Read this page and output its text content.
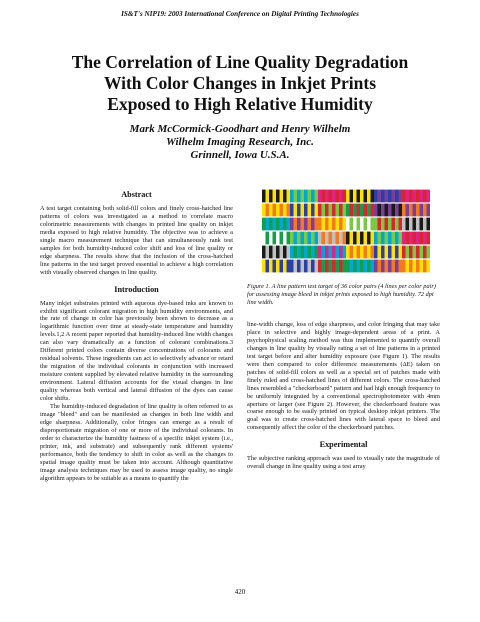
IS&T's NIP19: 2003 International Conference on Digital Printing Technologies
The Correlation of Line Quality Degradation
With Color Changes in Inkjet Prints
Exposed to High Relative Humidity
Mark McCormick-Goodhart and Henry Wilhelm
Wilhelm Imaging Research, Inc.
Grinnell, Iowa U.S.A.
Abstract

A test target containing both solid-fill colors and finely cross-hatched line patterns of colors was investigated as a method to correlate macro colorimetric measurements with changes in printed line quality on inkjet media exposed to high relative humidity. The objective was to achieve a single macro measurement technique that can simultaneously rank test samples for both humidity-induced color shift and loss of line quality or edge sharpness. The results show that the inclusion of the cross-hatched line patterns in the test target proved essential to achieve a high correlation with visually observed changes in line quality.

Introduction

Many inkjet substrates printed with aqueous dye-based inks are known to exhibit significant colorant migration in high humidity environments, and the rate of change in color has previously been shown to decrease as a logarithmic function over time at steady-state temperature and humidity levels.1,2 A recent paper reported that humidity-induced line width changes can also vary dramatically as a function of colorant combinations.3 Different printed colors contain diverse concentrations of colorants and residual solvents. These ingredients can act to selectively advance or retard the migration of the individual colorants in conjunction with increased moisture content supplied by elevated relative humidity in the surrounding environment. Lateral diffusion accounts for the visual changes in line quality whereas both vertical and lateral diffusion of the dyes can cause color shifts.

The humidity-induced degradation of line quality is often referred to as image "bleed" and can be manifested as changes in both line width and edge sharpness. Additionally, color fringes can emerge as a result of disproportionate migration of one or more of the individual colorants. In order to characterize the humidity fastness of a specific inkjet system (i.e., printer, ink, and substrate) and subsequently rank different systems' performance, both the tendency to shift in color as well as the changes to spatial image quality must be taken into account. Although quantitative image analysis techniques may be used to assess image quality, no single algorithm appears to be suitable as a means to quantify the

Figure 1. A line pattern test target of 36 color pairs (4 lines per color pair) for assessing image bleed in inkjet prints exposed to high humidity. 72 dpi line width.

line-width change, loss of edge sharpness, and color fringing that may take place in selective and highly image-dependent areas of a print. A psychophysical scaling method was thus implemented to quantify overall changes in line quality by visually rating a set of line patterns in a printed test target before and after humidity exposure (see Figure 1). The results were then compared to color difference measurements (ΔE) taken on patches of solid-fill colors as well as a special set of patches made with finely ruled and cross-hatched lines of different colors. The cross-hatched lines resembled a "checkerboard" pattern and had high enough frequency to be uniformly integrated by a conventional spectrophotometer with 4mm aperture or larger (see Figure 2). However, the checkerboard feature was coarse enough to be easily printed on typical desktop inkjet printers. The goal was to create cross-hatched lines with lateral space to bleed and consequently affect the color of the checkerboard patches.

Experimental

The subjective ranking approach was used to visually rate the magnitude of overall change in line quality using a test array

420
